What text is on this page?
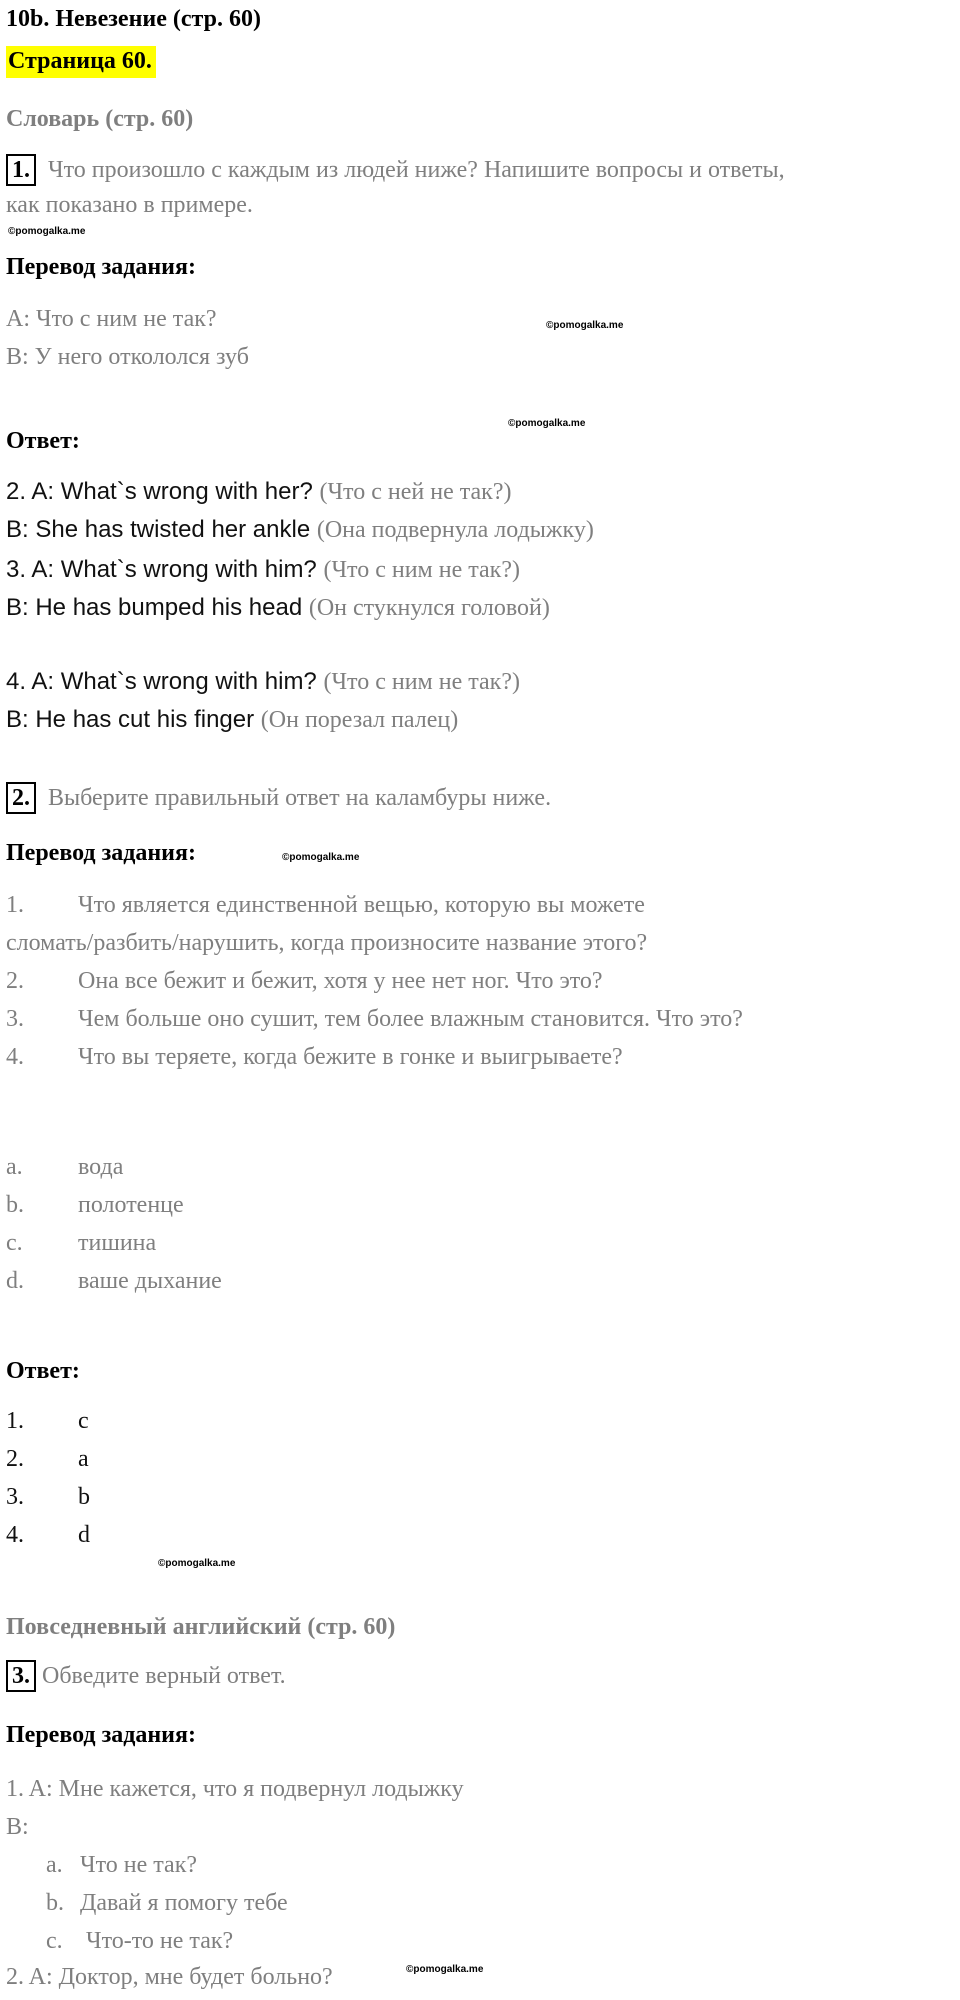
10b. Невезение (стр. 60)
Страница 60.
Словарь (стр. 60)
1. Что произошло с каждым из людей ниже? Напишите вопросы и ответы,
как показано в примере.
©pomogalka.me
Перевод задания:
A: Что с ним не так?	©pomogalka.me
B: У него откололся зуб
©pomogalka.me
Ответ:
2. A: What`s wrong with her? (Что с ней не так?)
B: She has twisted her ankle (Она подвернула лодыжку)
3. A: What`s wrong with him? (Что с ним не так?)
B: He has bumped his head (Он стукнулся головой)
4. A: What`s wrong with him? (Что с ним не так?)
B: He has cut his finger (Он порезал палец)
2. Выберите правильный ответ на каламбуры ниже.
Перевод задания:	©pomogalka.me
1. Что является единственной вещью, которую вы можете
сломать/разбить/нарушить, когда произносите название этого?
2. Она все бежит и бежит, хотя у нее нет ног. Что это?
3. Чем больше оно сушит, тем более влажным становится. Что это?
4. Что вы теряете, когда бежите в гонке и выигрываете?
a. вода
b. полотенце
c. тишина
d. ваше дыхание
Ответ:
1. c
2. a
3. b
4. d
©pomogalka.me
Повседневный английский (стр. 60)
3. Обведите верный ответ.
Перевод задания:
1. A: Мне кажется, что я подвернул лодыжку
B:
a. Что не так?
b. Давай я помогу тебе
c. Что-то не так?
2. A: Доктор, мне будет больно?	©pomogalka.me
